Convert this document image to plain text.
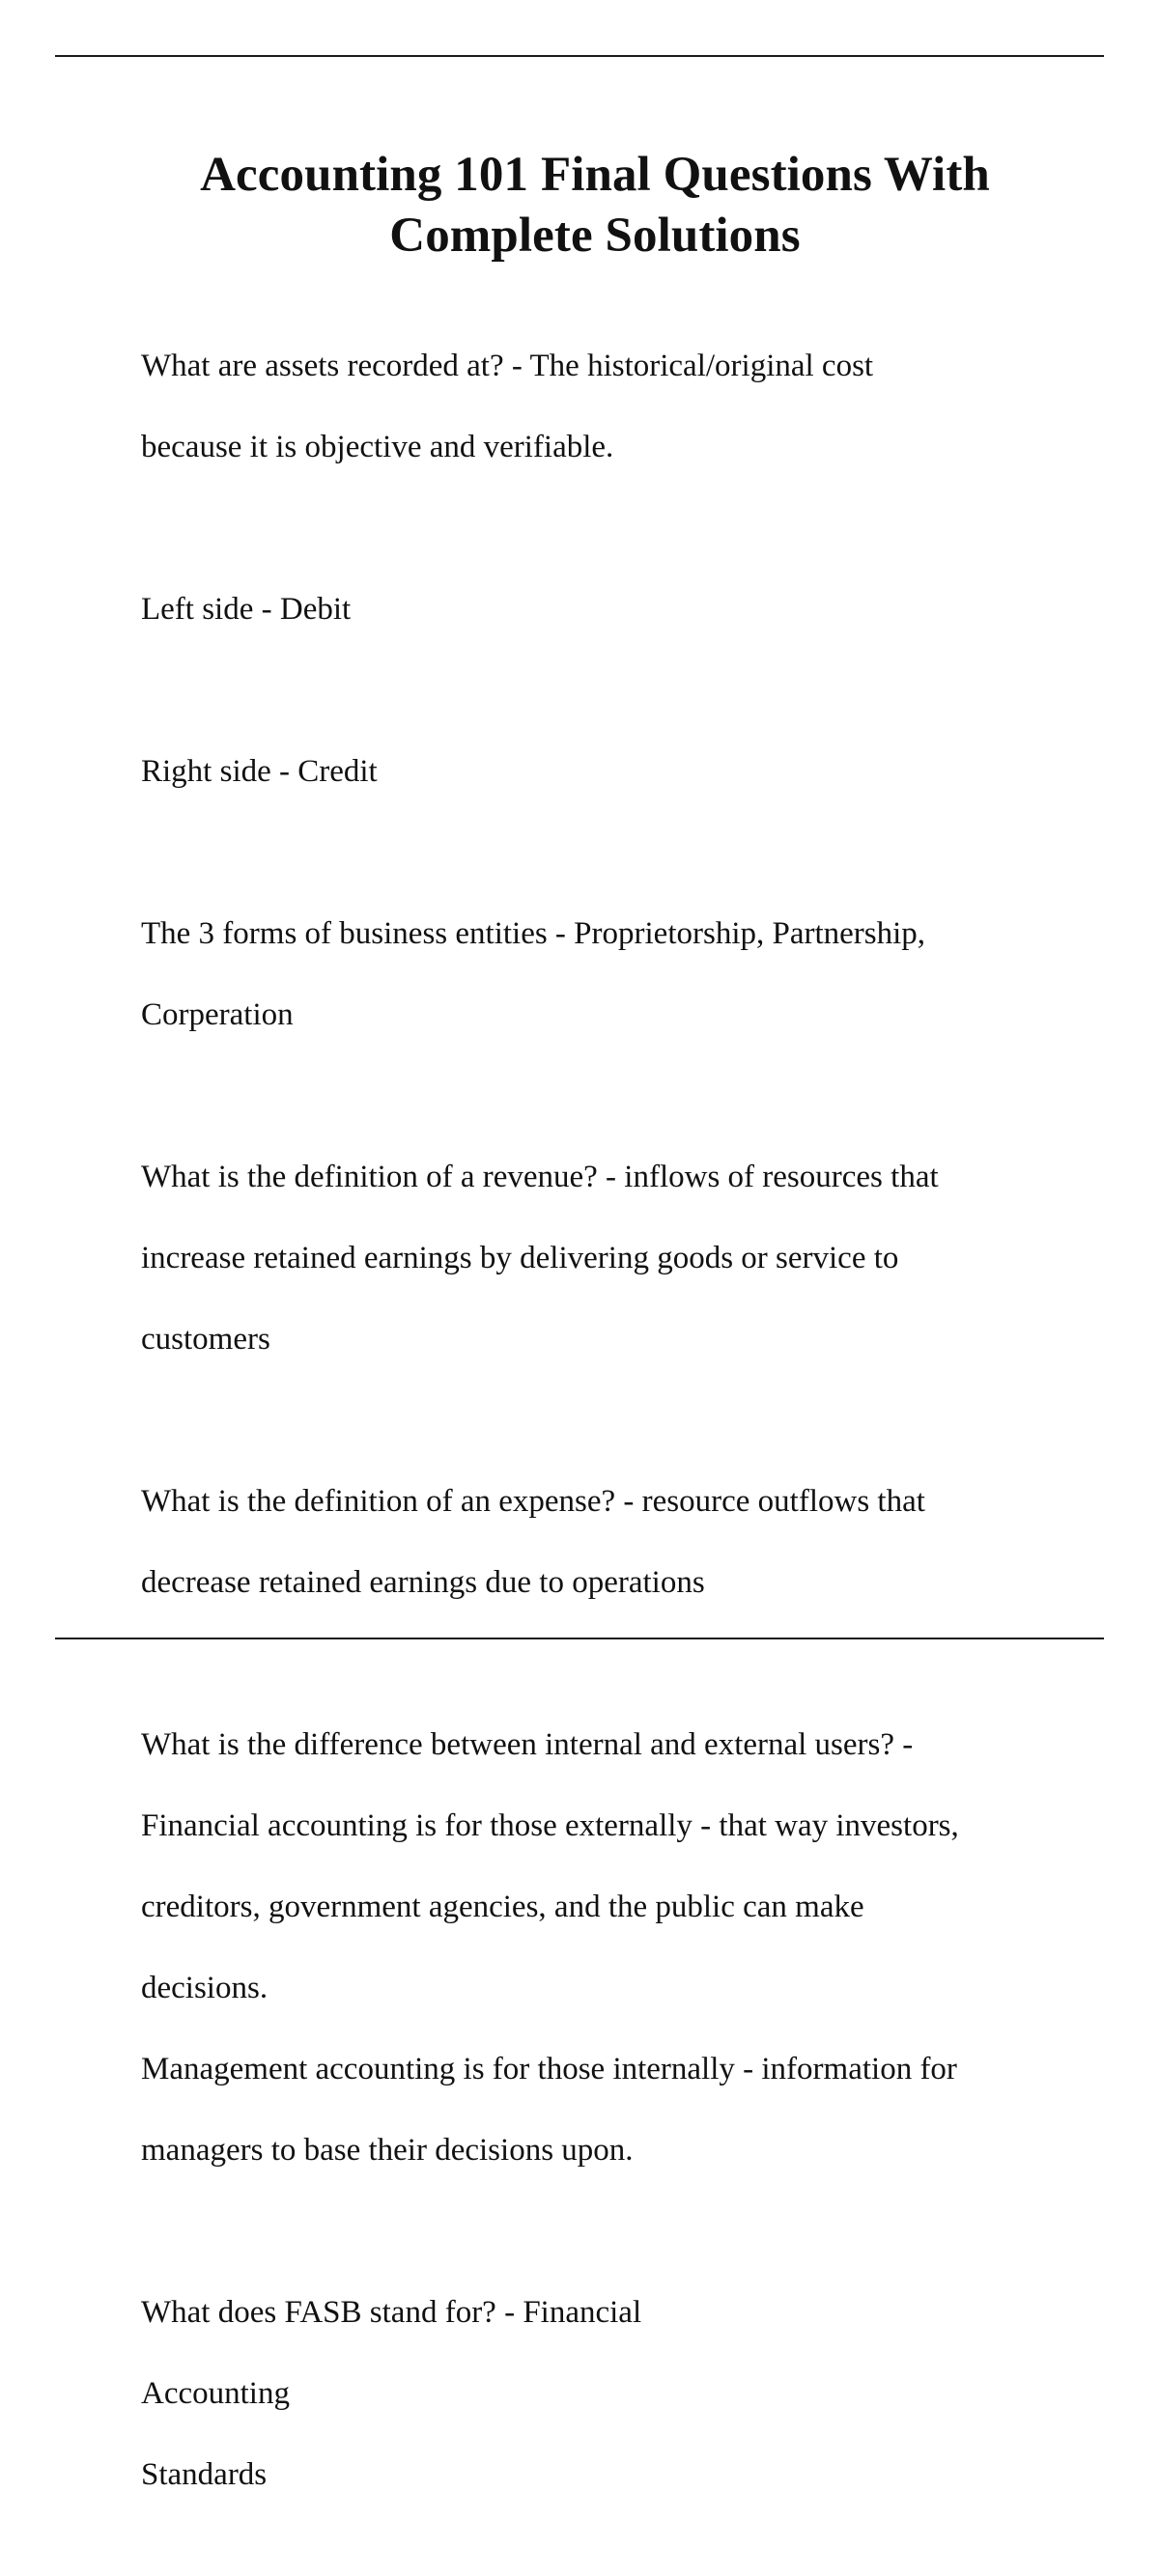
Accounting 101 Final Questions With
Complete Solutions

What are assets recorded at? - The historical/original cost

because it is objective and verifiable.

Left side - Debit

Right side - Credit

The 3 forms of business entities - Proprietorship, Partnership,

Corperation

What is the definition of a revenue? - inflows of resources that

increase retained earnings by delivering goods or service to

customers

What is the definition of an expense? - resource outflows that

decrease retained earnings due to operations

What is the difference between internal and external users? -

Financial accounting is for those externally - that way investors,

creditors, government agencies, and the public can make

decisions.

Management accounting is for those internally - information for

managers to base their decisions upon.

What does FASB stand for? - Financial

Accounting

Standards
